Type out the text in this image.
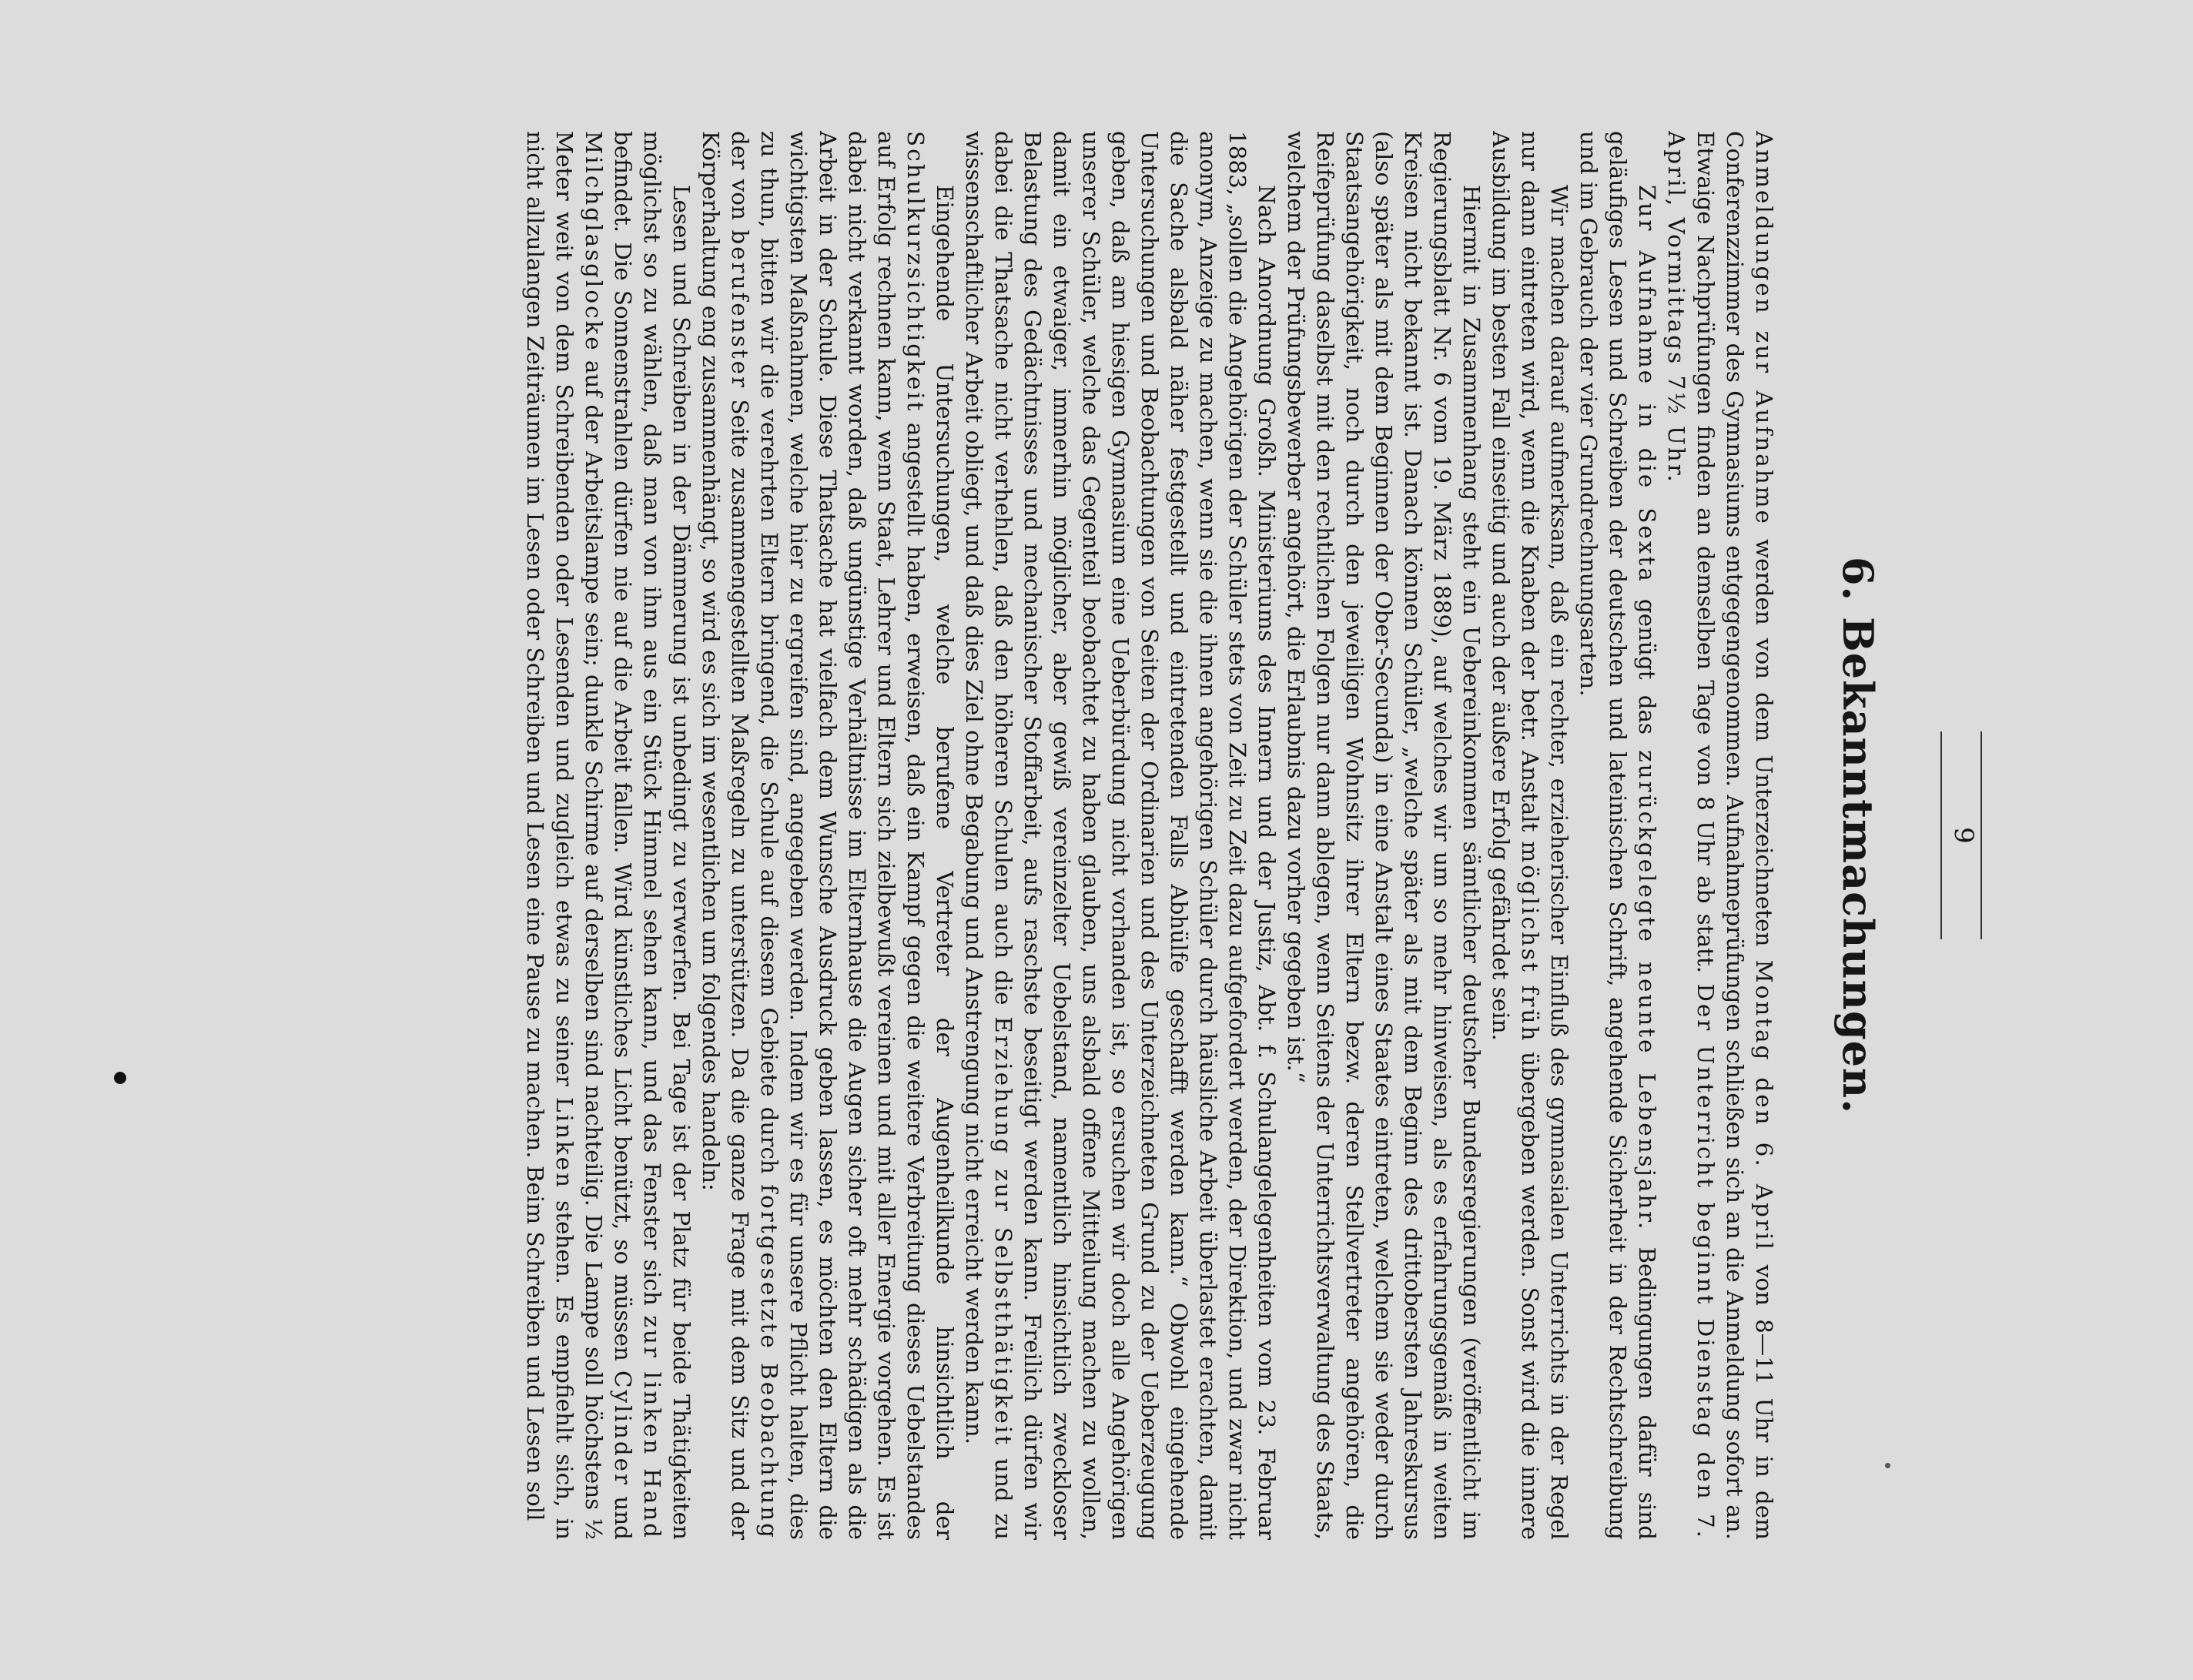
9
6. Bekanntmachungen.

Anmeldungen zur Aufnahme werden von dem Unterzeichneten Montag den 6. April von 8—11 Uhr in dem Conferenzzimmer des Gymnasiums entgegengenommen. Aufnahmeprüfungen schließen sich an die Anmeldung sofort an. Etwaige Nachprüfungen finden an demselben Tage von 8 Uhr ab statt. Der Unterricht beginnt Dienstag den 7. April, Vormittags 7½ Uhr.

Zur Aufnahme in die Sexta genügt das zurückgelegte neunte Lebensjahr. Bedingungen dafür sind geläufiges Lesen und Schreiben der deutschen und lateinischen Schrift, angehende Sicherheit in der Rechtschreibung und im Gebrauch der vier Grundrechnungsarten.

Wir machen darauf aufmerksam, daß ein rechter, erzieherischer Einfluß des gymnasialen Unterrichts in der Regel nur dann eintreten wird, wenn die Knaben der betr. Anstalt möglichst früh übergeben werden. Sonst wird die innere Ausbildung im besten Fall einseitig und auch der äußere Erfolg gefährdet sein.

Hiermit in Zusammenhang steht ein Uebereinkommen sämtlicher deutscher Bundesregierungen (veröffentlicht im Regierungsblatt Nr. 6 vom 19. März 1889), auf welches wir um so mehr hinweisen, als es erfahrungsgemäß in weiten Kreisen nicht bekannt ist. Danach können Schüler, „welche später als mit dem Beginn des drittobersten Jahreskursus (also später als mit dem Beginnen der Ober-Secunda) in eine Anstalt eines Staates eintreten, welchem sie weder durch Staatsangehörigkeit, noch durch den jeweiligen Wohnsitz ihrer Eltern bezw. deren Stellvertreter angehören, die Reifeprüfung daselbst mit den rechtlichen Folgen nur dann ablegen, wenn Seitens der Unterrichtsverwaltung des Staats, welchem der Prüfungsbewerber angehört, die Erlaubnis dazu vorher gegeben ist.“

Nach Anordnung Großh. Ministeriums des Innern und der Justiz, Abt. f. Schulangelegenheiten vom 23. Februar 1883, „sollen die Angehörigen der Schüler stets von Zeit zu Zeit dazu aufgefordert werden, der Direktion, und zwar nicht anonym, Anzeige zu machen, wenn sie die ihnen angehörigen Schüler durch häusliche Arbeit überlastet erachten, damit die Sache alsbald näher festgestellt und eintretenden Falls Abhülfe geschafft werden kann.“ Obwohl eingehende Untersuchungen und Beobachtungen von Seiten der Ordinarien und des Unterzeichneten Grund zu der Ueberzeugung geben, daß am hiesigen Gymnasium eine Ueberbürdung nicht vorhanden ist, so ersuchen wir doch alle Angehörigen unserer Schüler, welche das Gegenteil beobachtet zu haben glauben, uns alsbald offene Mitteilung machen zu wollen, damit ein etwaiger, immerhin möglicher, aber gewiß vereinzelter Uebelstand, namentlich hinsichtlich zweckloser Belastung des Gedächtnisses und mechanischer Stoffarbeit, aufs raschste beseitigt werden kann. Freilich dürfen wir dabei die Thatsache nicht verhehlen, daß den höheren Schulen auch die Erziehung zur Selbstthätigkeit und zu wissenschaftlicher Arbeit obliegt, und daß dies Ziel ohne Begabung und Anstrengung nicht erreicht werden kann.

Eingehende Untersuchungen, welche berufene Vertreter der Augenheilkunde hinsichtlich der Schulkurzsichtigkeit angestellt haben, erweisen, daß ein Kampf gegen die weitere Verbreitung dieses Uebelstandes auf Erfolg rechnen kann, wenn Staat, Lehrer und Eltern sich zielbewußt vereinen und mit aller Energie vorgehen. Es ist dabei nicht verkannt worden, daß ungünstige Verhältnisse im Elternhause die Augen sicher oft mehr schädigen als die Arbeit in der Schule. Diese Thatsache hat vielfach dem Wunsche Ausdruck geben lassen, es möchten den Eltern die wichtigsten Maßnahmen, welche hier zu ergreifen sind, angegeben werden. Indem wir es für unsere Pflicht halten, dies zu thun, bitten wir die verehrten Eltern bringend, die Schule auf diesem Gebiete durch fortgesetzte Beobachtung der von berufenster Seite zusammengestellten Maßregeln zu unterstützen. Da die ganze Frage mit dem Sitz und der Körperhaltung eng zusammenhängt, so wird es sich im wesentlichen um folgendes handeln:

Lesen und Schreiben in der Dämmerung ist unbedingt zu verwerfen. Bei Tage ist der Platz für beide Thätigkeiten möglichst so zu wählen, daß man von ihm aus ein Stück Himmel sehen kann, und das Fenster sich zur linken Hand befindet. Die Sonnenstrahlen dürfen nie auf die Arbeit fallen. Wird künstliches Licht benützt, so müssen Cylinder und Milchglasglocke auf der Arbeitslampe sein; dunkle Schirme auf derselben sind nachteilig. Die Lampe soll höchstens ½ Meter weit von dem Schreibenden oder Lesenden und zugleich etwas zu seiner Linken stehen. Es empfiehlt sich, in nicht allzulangen Zeiträumen im Lesen oder Schreiben und Lesen eine Pause zu machen. Beim Schreiben und Lesen soll
